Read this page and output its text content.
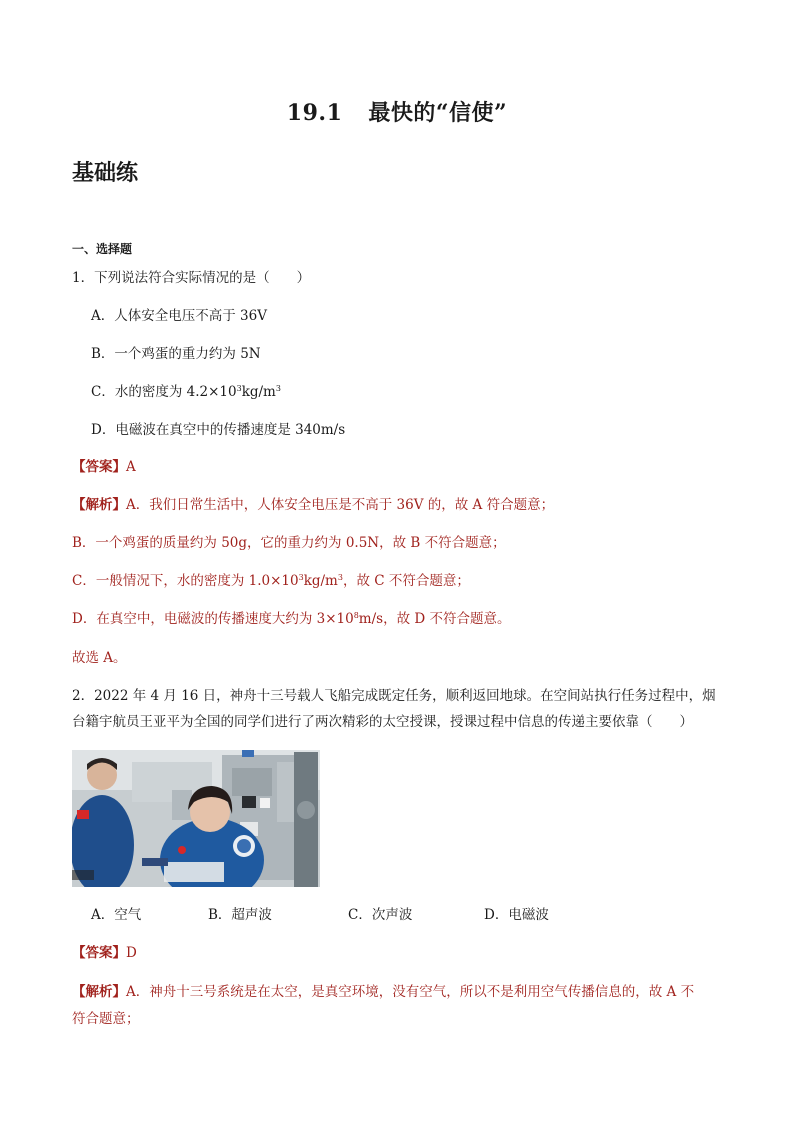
19.1 最快的“信使”
基础练
一、选择题
1．下列说法符合实际情况的是（　　）
A．人体安全电压不高于 36V
B．一个鸡蛋的重力约为 5N
C．水的密度为 $4.2\times 10^3kg/m^3$
D．电磁波在真空中的传播速度是 340m/s
【答案】A
【解析】A．我们日常生活中，人体安全电压是不高于 36V 的，故 A 符合题意；
B．一个鸡蛋的质量约为 50g，它的重力约为 0.5N，故 B 不符合题意；
C．一般情况下，水的密度为 $1.0\times 10^3kg/m^3$，故 C 不符合题意；
D．在真空中，电磁波的传播速度大约为 $3\times 10^8m/s$，故 D 不符合题意。
故选 A。
2．2022 年 4 月 16 日，神舟十三号载人飞船完成既定任务，顺利返回地球。在空间站执行任务过程中，烟
台籍宇航员王亚平为全国的同学们进行了两次精彩的太空授课，授课过程中信息的传递主要依靠（　　）
A．空气	B．超声波	C．次声波	D．电磁波
【答案】D
【解析】A．神舟十三号系统是在太空，是真空环境，没有空气，所以不是利用空气传播信息的，故 A 不
符合题意；
